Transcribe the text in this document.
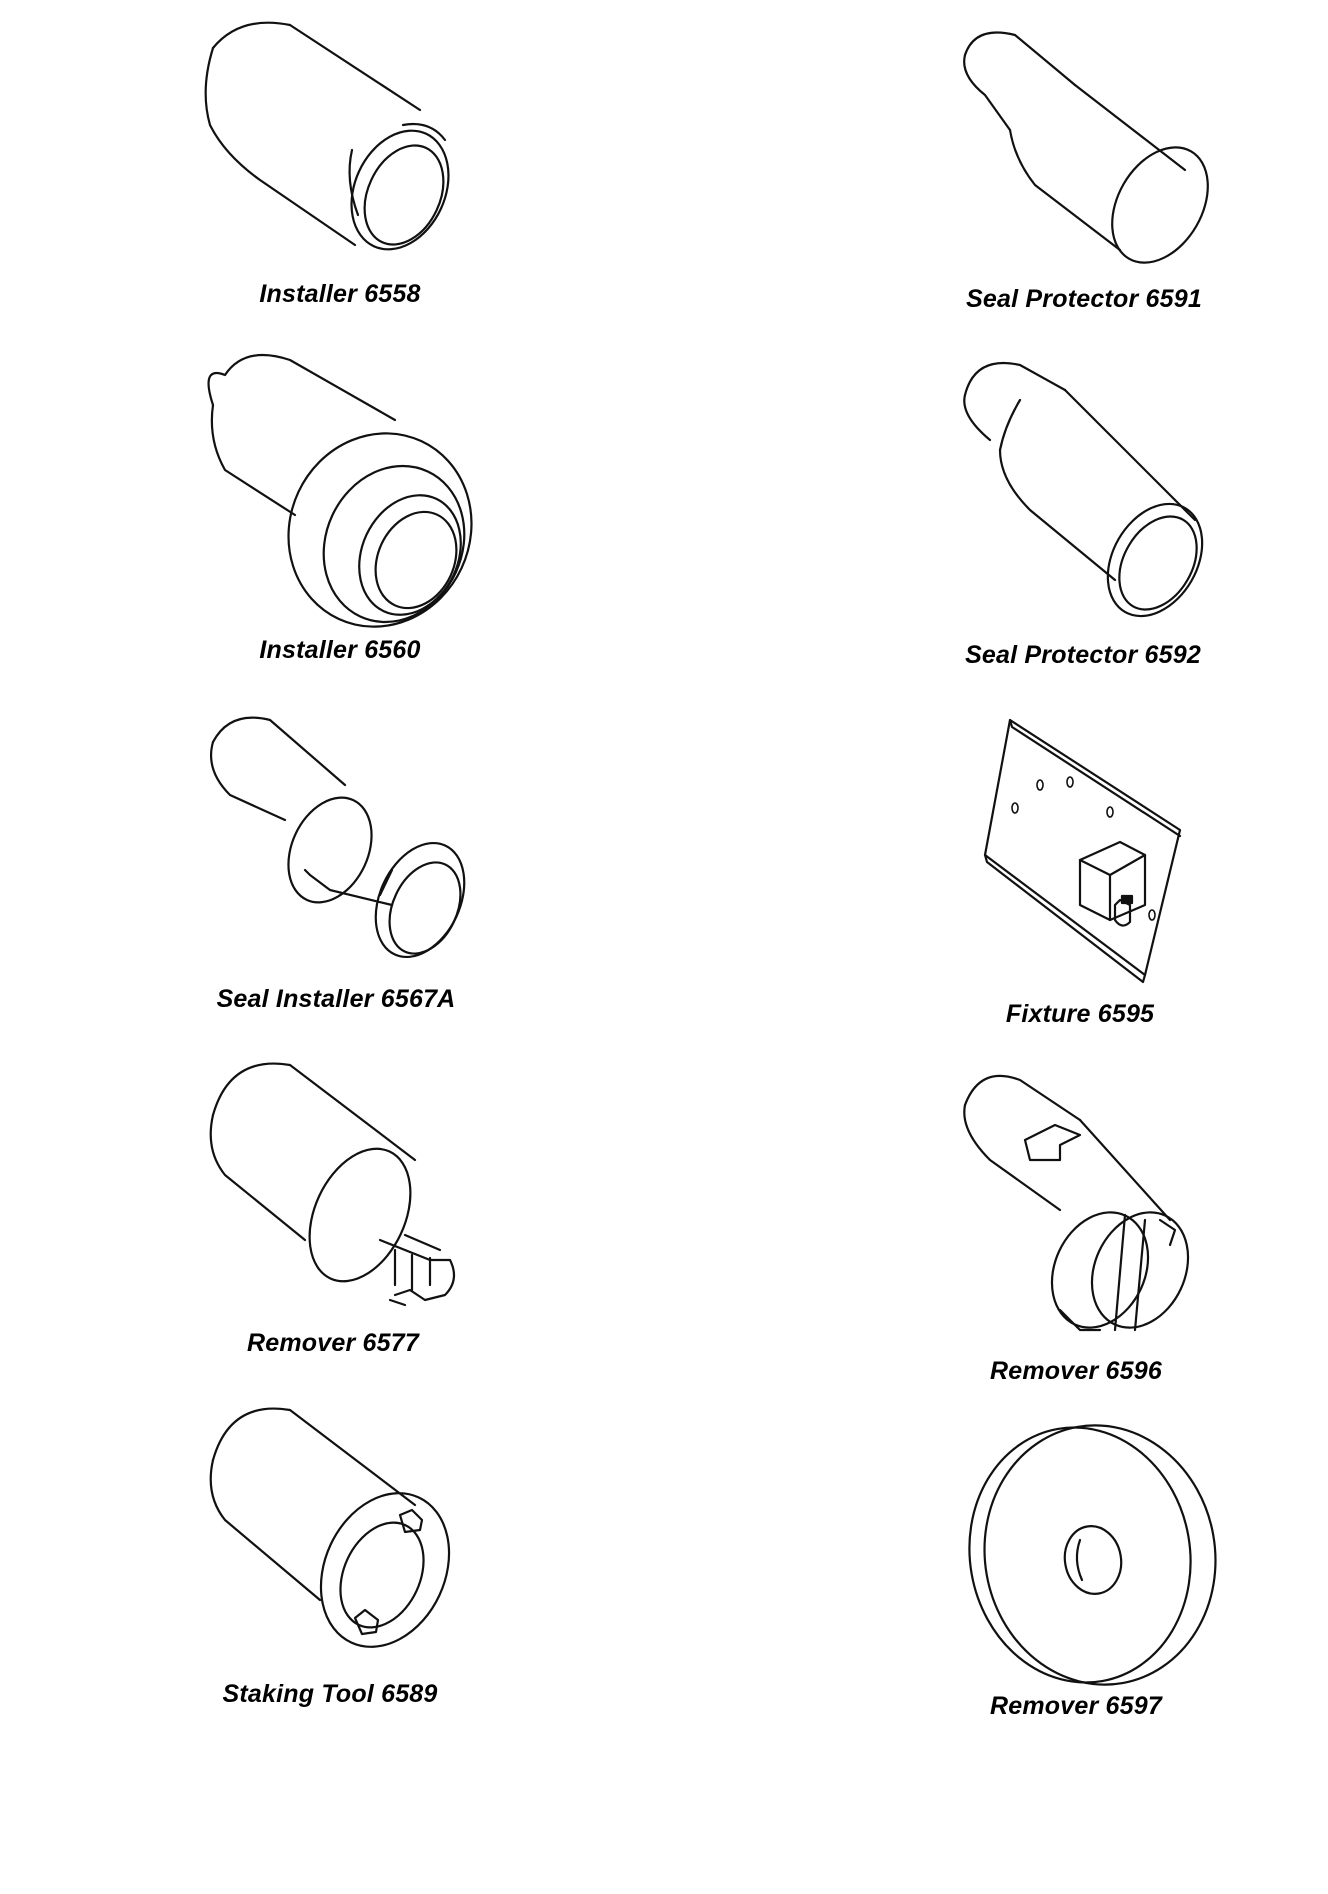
Installer 6558
Installer 6560
Seal Installer 6567A
Remover 6577
Staking Tool 6589
Seal Protector 6591
Seal Protector 6592
Fixture 6595
Remover 6596
Remover 6597
